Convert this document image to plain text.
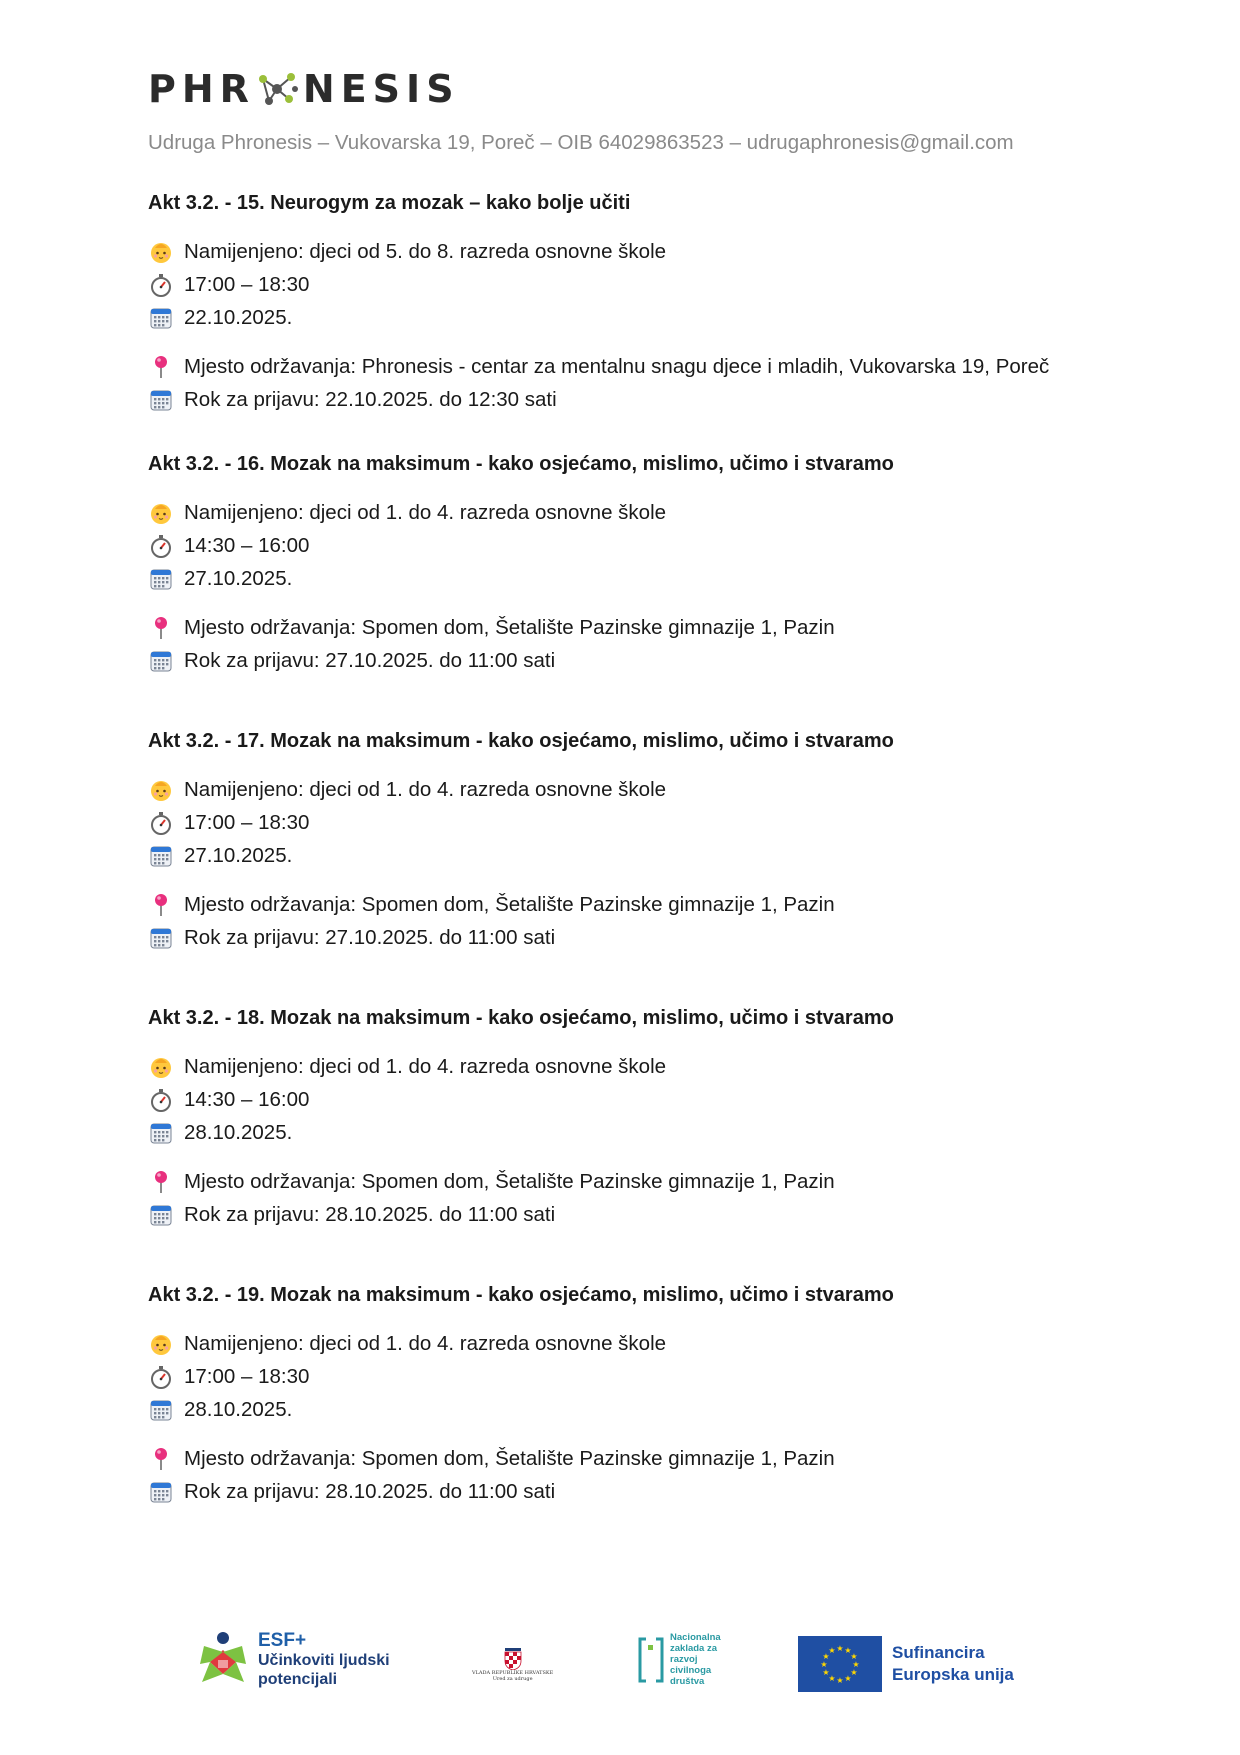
PHR NESIS
Udruga Phronesis – Vukovarska 19, Poreč – OIB 64029863523 – udrugaphronesis@gmail.com
Akt 3.2. - 15. Neurogym za mozak – kako bolje učiti
Namijenjeno: djeci od 5. do 8. razreda osnovne škole
17:00 – 18:30
22.10.2025.
Mjesto održavanja: Phronesis - centar za mentalnu snagu djece i mladih, Vukovarska 19, Poreč
Rok za prijavu: 22.10.2025. do 12:30 sati
Akt 3.2. - 16. Mozak na maksimum - kako osjećamo, mislimo, učimo i stvaramo
Namijenjeno: djeci od 1. do 4. razreda osnovne škole
14:30 – 16:00
27.10.2025.
Mjesto održavanja: Spomen dom, Šetalište Pazinske gimnazije 1, Pazin
Rok za prijavu: 27.10.2025. do 11:00 sati
Akt 3.2. - 17. Mozak na maksimum - kako osjećamo, mislimo, učimo i stvaramo
Namijenjeno: djeci od 1. do 4. razreda osnovne škole
17:00 – 18:30
27.10.2025.
Mjesto održavanja: Spomen dom, Šetalište Pazinske gimnazije 1, Pazin
Rok za prijavu: 27.10.2025. do 11:00 sati
Akt 3.2. - 18. Mozak na maksimum - kako osjećamo, mislimo, učimo i stvaramo
Namijenjeno: djeci od 1. do 4. razreda osnovne škole
14:30 – 16:00
28.10.2025.
Mjesto održavanja: Spomen dom, Šetalište Pazinske gimnazije 1, Pazin
Rok za prijavu: 28.10.2025. do 11:00 sati
Akt 3.2. - 19. Mozak na maksimum - kako osjećamo, mislimo, učimo i stvaramo
Namijenjeno: djeci od 1. do 4. razreda osnovne škole
17:00 – 18:30
28.10.2025.
Mjesto održavanja: Spomen dom, Šetalište Pazinske gimnazije 1, Pazin
Rok za prijavu: 28.10.2025. do 11:00 sati
ESF+
Učinkoviti ljudski
potencijali	VLADA REPUBLIKE HRVATSKE
Ured za udruge
Nacionalna
zaklada za
razvoj
civilnoga
društva
★ ★
★
★
★
★
★
★
★
★
★
★	Sufinancira
Europska unija
